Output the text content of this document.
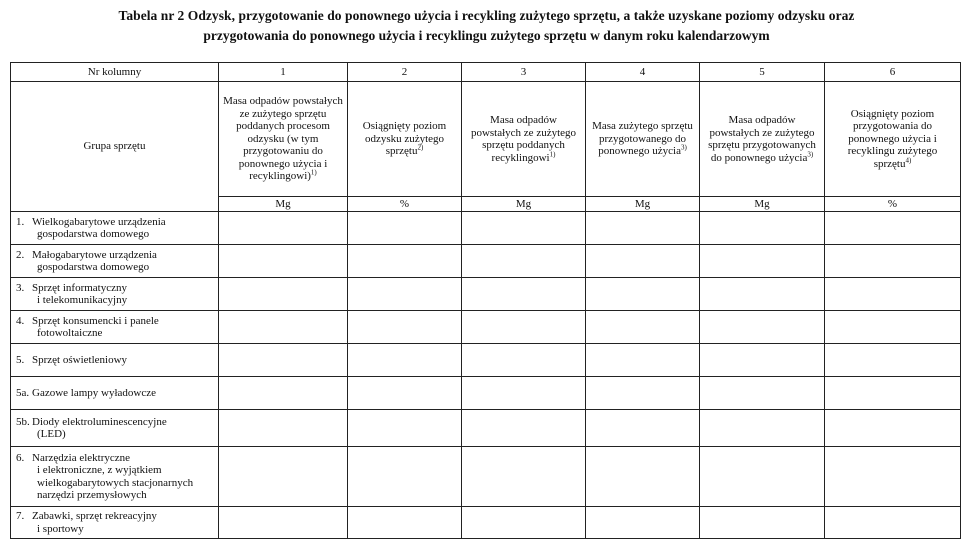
Tabela nr 2 Odzysk, przygotowanie do ponownego użycia i recykling zużytego sprzętu, a także uzyskane poziomy odzysku oraz
przygotowania do ponownego użycia i recyklingu zużytego sprzętu w danym roku kalendarzowym
Nr kolumny	1	2	3	4	5	6
Grupa sprzętu	Masa odpadów powstałych ze zużytego sprzętu poddanych procesom odzysku (w tym przygotowaniu do ponownego użycia i recyklingowi)$^{1)}$	Osiągnięty poziom odzysku zużytego sprzętu$^{2)}$	Masa odpadów powstałych ze zużytego sprzętu poddanych recyklingowi$^{1)}$	Masa zużytego sprzętu przygotowanego do ponownego użycia$^{3)}$	Masa odpadów powstałych ze zużytego sprzętu przygotowanych do ponownego użycia$^{3)}$	Osiągnięty poziom przygotowania do ponownego użycia i recyklingu zużytego sprzętu$^{4)}$
	Mg	%	Mg	Mg	Mg	%
1. Wielkogabarytowe urządzenia
gospodarstwa domowego						

2. Małogabarytowe urządzenia
gospodarstwa domowego						

3. Sprzęt informatyczny
i telekomunikacyjny						

4. Sprzęt konsumencki i panele
fotowoltaiczne						

5. Sprzęt oświetleniowy						
5a. Gazowe lampy wyładowcze						
5b. Diody elektroluminescencyjne
(LED)						

6. Narzędzia elektryczne
i elektroniczne, z wyjątkiem wielkogabarytowych stacjonarnych narzędzi przemysłowych						

7. Zabawki, sprzęt rekreacyjny
i sportowy						
